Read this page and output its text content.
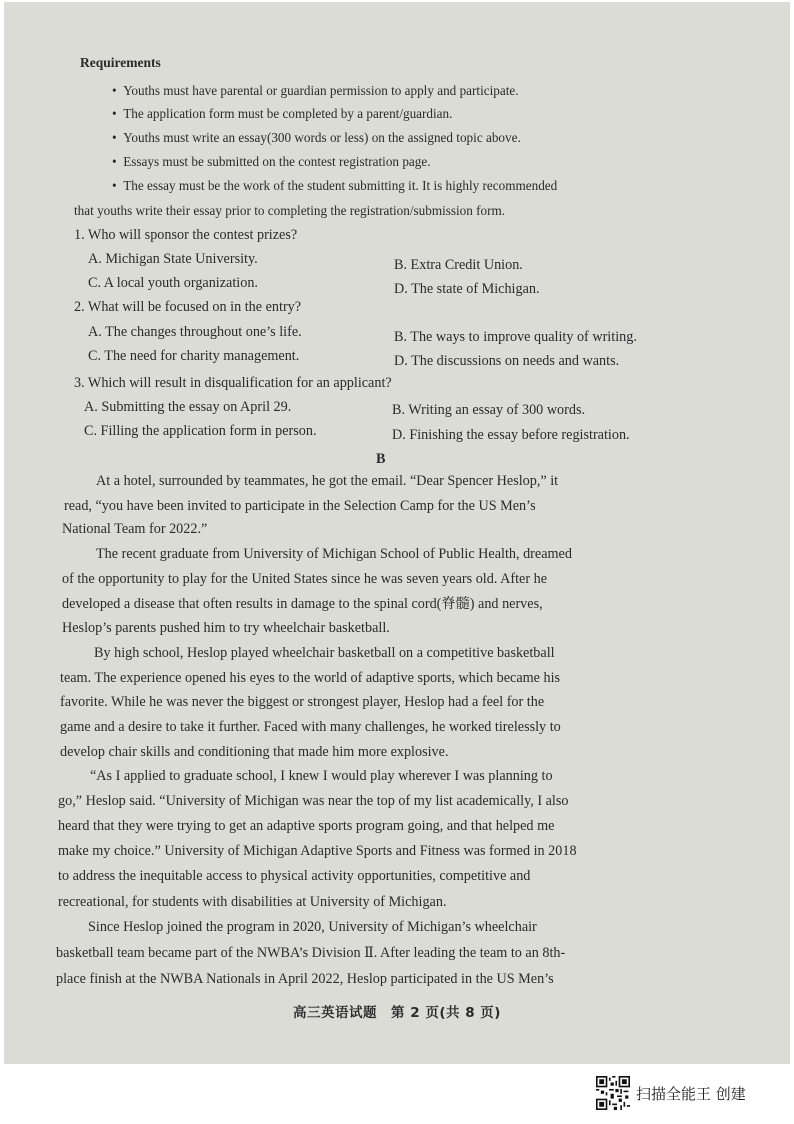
Requirements
•  Youths must have parental or guardian permission to apply and participate.
•  The application form must be completed by a parent/guardian.
•  Youths must write an essay(300 words or less) on the assigned topic above.
•  Essays must be submitted on the contest registration page.
•  The essay must be the work of the student submitting it. It is highly recommended
that youths write their essay prior to completing the registration/submission form.
1. Who will sponsor the contest prizes?
A. Michigan State University.	B. Extra Credit Union.
C. A local youth organization.	D. The state of Michigan.
2. What will be focused on in the entry?
A. The changes throughout one’s life.	B. The ways to improve quality of writing.
C. The need for charity management.	D. The discussions on needs and wants.
3. Which will result in disqualification for an applicant?
A. Submitting the essay on April 29.	B. Writing an essay of 300 words.
C. Filling the application form in person.	D. Finishing the essay before registration.
B
At a hotel, surrounded by teammates, he got the email. “Dear Spencer Heslop,” it
read, “you have been invited to participate in the Selection Camp for the US Men’s
National Team for 2022.”
The recent graduate from University of Michigan School of Public Health, dreamed
of the opportunity to play for the United States since he was seven years old. After he
developed a disease that often results in damage to the spinal cord(脊髓) and nerves,
Heslop’s parents pushed him to try wheelchair basketball.
By high school, Heslop played wheelchair basketball on a competitive basketball
team. The experience opened his eyes to the world of adaptive sports, which became his
favorite. While he was never the biggest or strongest player, Heslop had a feel for the
game and a desire to take it further. Faced with many challenges, he worked tirelessly to
develop chair skills and conditioning that made him more explosive.
“As I applied to graduate school, I knew I would play wherever I was planning to
go,” Heslop said. “University of Michigan was near the top of my list academically, I also
heard that they were trying to get an adaptive sports program going, and that helped me
make my choice.” University of Michigan Adaptive Sports and Fitness was formed in 2018
to address the inequitable access to physical activity opportunities, competitive and
recreational, for students with disabilities at University of Michigan.
Since Heslop joined the program in 2020, University of Michigan’s wheelchair
basketball team became part of the NWBA’s Division Ⅱ. After leading the team to an 8th-
place finish at the NWBA Nationals in April 2022, Heslop participated in the US Men’s
高三英语试题　第 2 页(共 8 页)
扫描全能王 创建
